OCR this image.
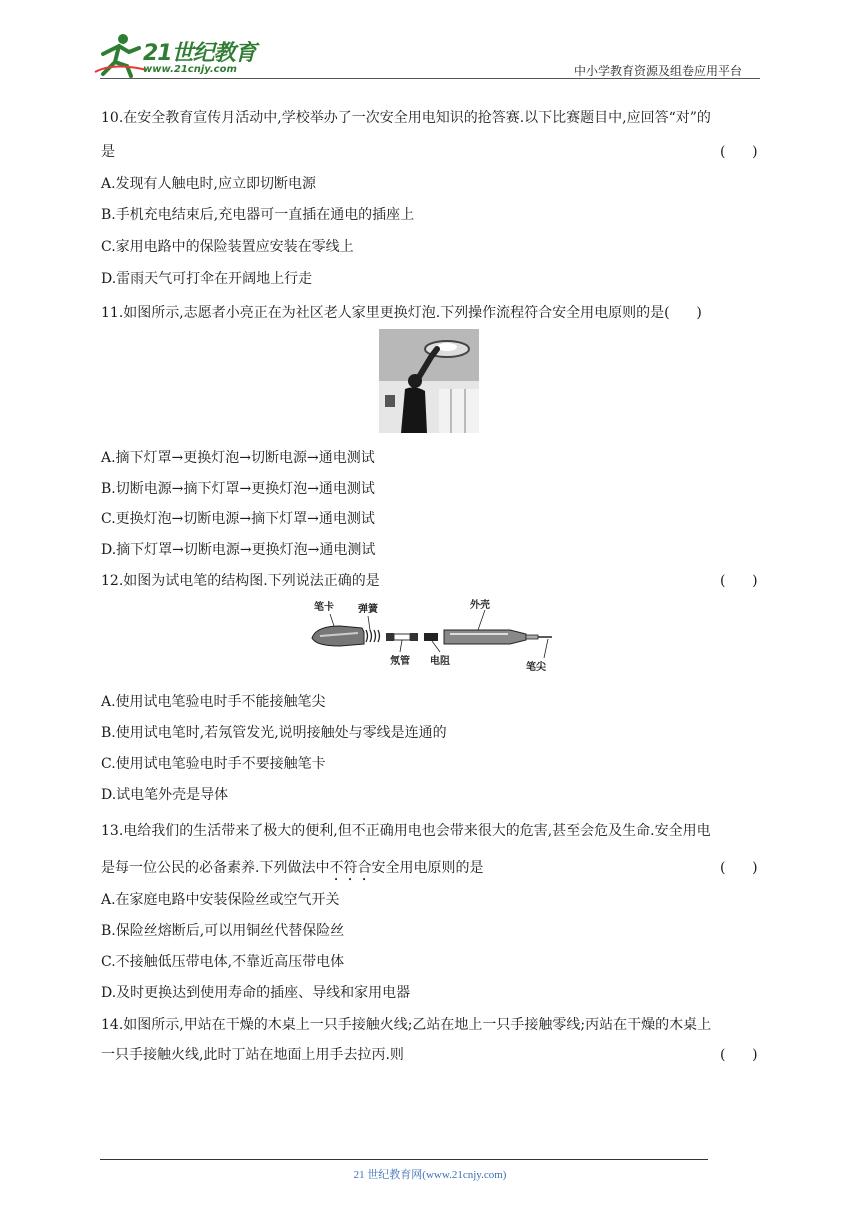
21世纪教育
www.21cnjy.com	中小学教育资源及组卷应用平台
10.在安全教育宣传月活动中,学校举办了一次安全用电知识的抢答赛.以下比赛题目中,应回答“对”的
是	(      )
A.发现有人触电时,应立即切断电源
B.手机充电结束后,充电器可一直插在通电的插座上
C.家用电路中的保险装置应安装在零线上
D.雷雨天气可打伞在开阔地上行走
11.如图所示,志愿者小亮正在为社区老人家里更换灯泡.下列操作流程符合安全用电原则的是(      )
A.摘下灯罩→更换灯泡→切断电源→通电测试
B.切断电源→摘下灯罩→更换灯泡→通电测试
C.更换灯泡→切断电源→摘下灯罩→通电测试
D.摘下灯罩→切断电源→更换灯泡→通电测试
12.如图为试电笔的结构图.下列说法正确的是	(      )
笔卡 弹簧	外壳
氖管 电阻
笔尖
A.使用试电笔验电时手不能接触笔尖
B.使用试电笔时,若氖管发光,说明接触处与零线是连通的
C.使用试电笔验电时手不要接触笔卡
D.试电笔外壳是导体
13.电给我们的生活带来了极大的便利,但不正确用电也会带来很大的危害,甚至会危及生命.安全用电
是每一位公民的必备素养.下列做法中不符合安全用电原则的是	(      )
A.在家庭电路中安装保险丝或空气开关
B.保险丝熔断后,可以用铜丝代替保险丝
C.不接触低压带电体,不靠近高压带电体
D.及时更换达到使用寿命的插座、导线和家用电器
14.如图所示,甲站在干燥的木桌上一只手接触火线;乙站在地上一只手接触零线;丙站在干燥的木桌上
一只手接触火线,此时丁站在地面上用手去拉丙.则	(      )
21 世纪教育网(www.21cnjy.com)
